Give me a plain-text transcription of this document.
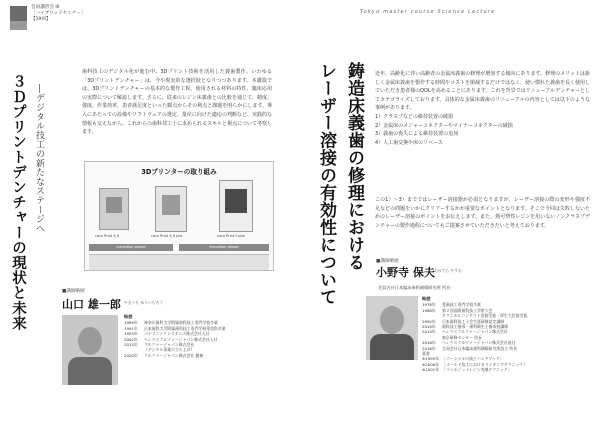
会員講習会 III
［ハイブリッドセミナー］
【19回】
Tokyo master course Science Lecture
３Ｄプリントデンチャーの現状と未来 ―デジタル技工の新たなステージへ
歯科技工のデジタル化が進む中、3Dプリント技術を活用した義歯製作、いわゆる「3Dプリントデンチャー」は、今や現実的な選択肢となりつつあります。本講演では、3Dプリントデンチャーの基本的な製作工程、使用される材料の特性、臨床応用の実際について解説します。さらに、従来のレジン床義歯との比較を通じて、精度、強度、作業効率、患者満足度といった観点からその利点と課題を明らかにします。導入にあたっての設備やソフトウェアの選定、量産に向けた適応の判断など、実践的な情報も交えながら、これからの歯科技工士に求められるスキルと視点について考察します。
3Dプリンターの取り組み
cara Print 4.0	cara Print 4.0 pro	cara Print Cube
transition phase	transition phase
■講師略歴
山口 雄一郎 やまぐち ゆういちろう
略歴
1989年	神奈川歯科大学附属歯科技工専門学校卒業
1991年	日本歯科大学附属歯科技工専門学校専攻科卒業
1993年	パナソニックシステムズ株式会社入社
2002年	ヘレウスクルツァージャパン株式会社入社
2015年	クルツァージャパン株式会社
（デジタル事業の立ち上げ）
2020年	クルツァージャパン株式会社 勤務
鋳造床義歯の修理における
レーザー溶接の有効性について	近年、高齢化に伴い高齢者の金属床義歯の修理が増加する傾向にあります。修理のメリットは新しく金属床義歯を製作する時間やコストを節減するだけではなく、使い慣れた義歯を長く使用していただき患者様のQOLを高めることにあります。これを背景ではリニューアルデンチャーとしてカテゴライズしております。具体的な金属床義歯のリニューアルの内容としては以下のような事例があります。
1）クラスプなどの維持装置の破損
2）金属床のメジャーコネクターやマイナーコネクターの破損
3）義歯の喪失による維持装置の追加
4）人工歯交換や床のリベース
この1）～3）までではレーザー溶接器が必須となりますが、レーザー溶接の際の変形や強度不足などの問題をいかにクリアーするかが重要なポイントとなります。そこで今回は失敗しないためのレーザー溶接のポイントをお伝えします。また、熱可塑性レジンを用いないノンクラスプデンチャーの製作過程についてもご提案させていただきたいと考えております。
■講師略歴
小野寺 保夫 おのでら やすお
会員名社日本臨床歯科補綴研究所 所長
略歴
1978年	愛歯技工専門学校卒業
1988年	第２回国際歯科技工学術大会
テクニカルコンテスト金賞受賞・厚生大臣賞受賞
1992年	日本歯科技工士会生涯研修認定講師
2014年	歯科技工指導・歯科衛生士養成校講師
2014年	ヘレウスクルツァージャパン株式会社
東京研修センター 所長
2016年	ヘレウスクルツァージャパン株式会社退社
2016年	合同会社日本臨床歯科補綴研究所設立 所長
著書
※1995年 ［パーシャルの技工ハンドブック］
※2000年 ［ゴールド技工におけるリンキングテクニック］
※2001年 ［コンポジットレジン充填テクニック］
